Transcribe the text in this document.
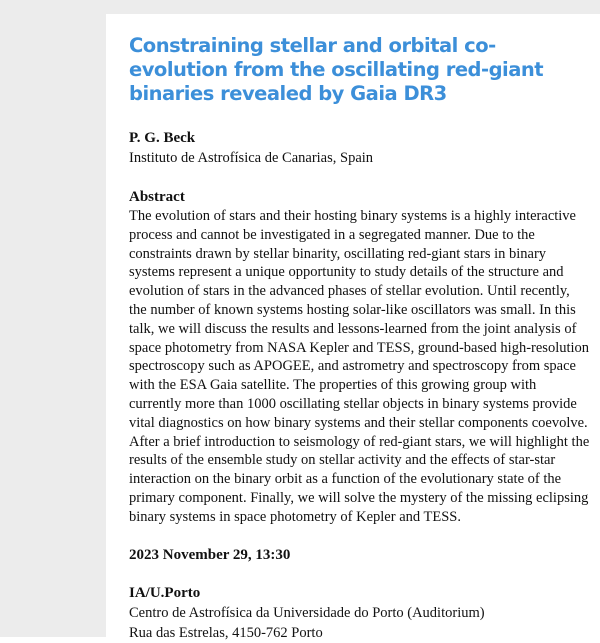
Constraining stellar and orbital co-evolution from the oscillating red-giant binaries revealed by Gaia DR3
P. G. Beck
Instituto de Astrofísica de Canarias, Spain
Abstract

The evolution of stars and their hosting binary systems is a highly interactive process and cannot be investigated in a segregated manner. Due to the constraints drawn by stellar binarity, oscillating red-giant stars in binary systems represent a unique opportunity to study details of the structure and evolution of stars in the advanced phases of stellar evolution. Until recently, the number of known systems hosting solar-like oscillators was small. In this talk, we will discuss the results and lessons-learned from the joint analysis of space photometry from NASA Kepler and TESS, ground-based high-resolution spectroscopy such as APOGEE, and astrometry and spectroscopy from space with the ESA Gaia satellite. The properties of this growing group with currently more than 1000 oscillating stellar objects in binary systems provide vital diagnostics on how binary systems and their stellar components coevolve. After a brief introduction to seismology of red-giant stars, we will highlight the results of the ensemble study on stellar activity and the effects of star-star interaction on the binary orbit as a function of the evolutionary state of the primary component. Finally, we will solve the mystery of the missing eclipsing binary systems in space photometry of Kepler and TESS.

2023 November 29, 13:30
IA/U.Porto
Centro de Astrofísica da Universidade do Porto (Auditorium)
Rua das Estrelas, 4150-762 Porto
